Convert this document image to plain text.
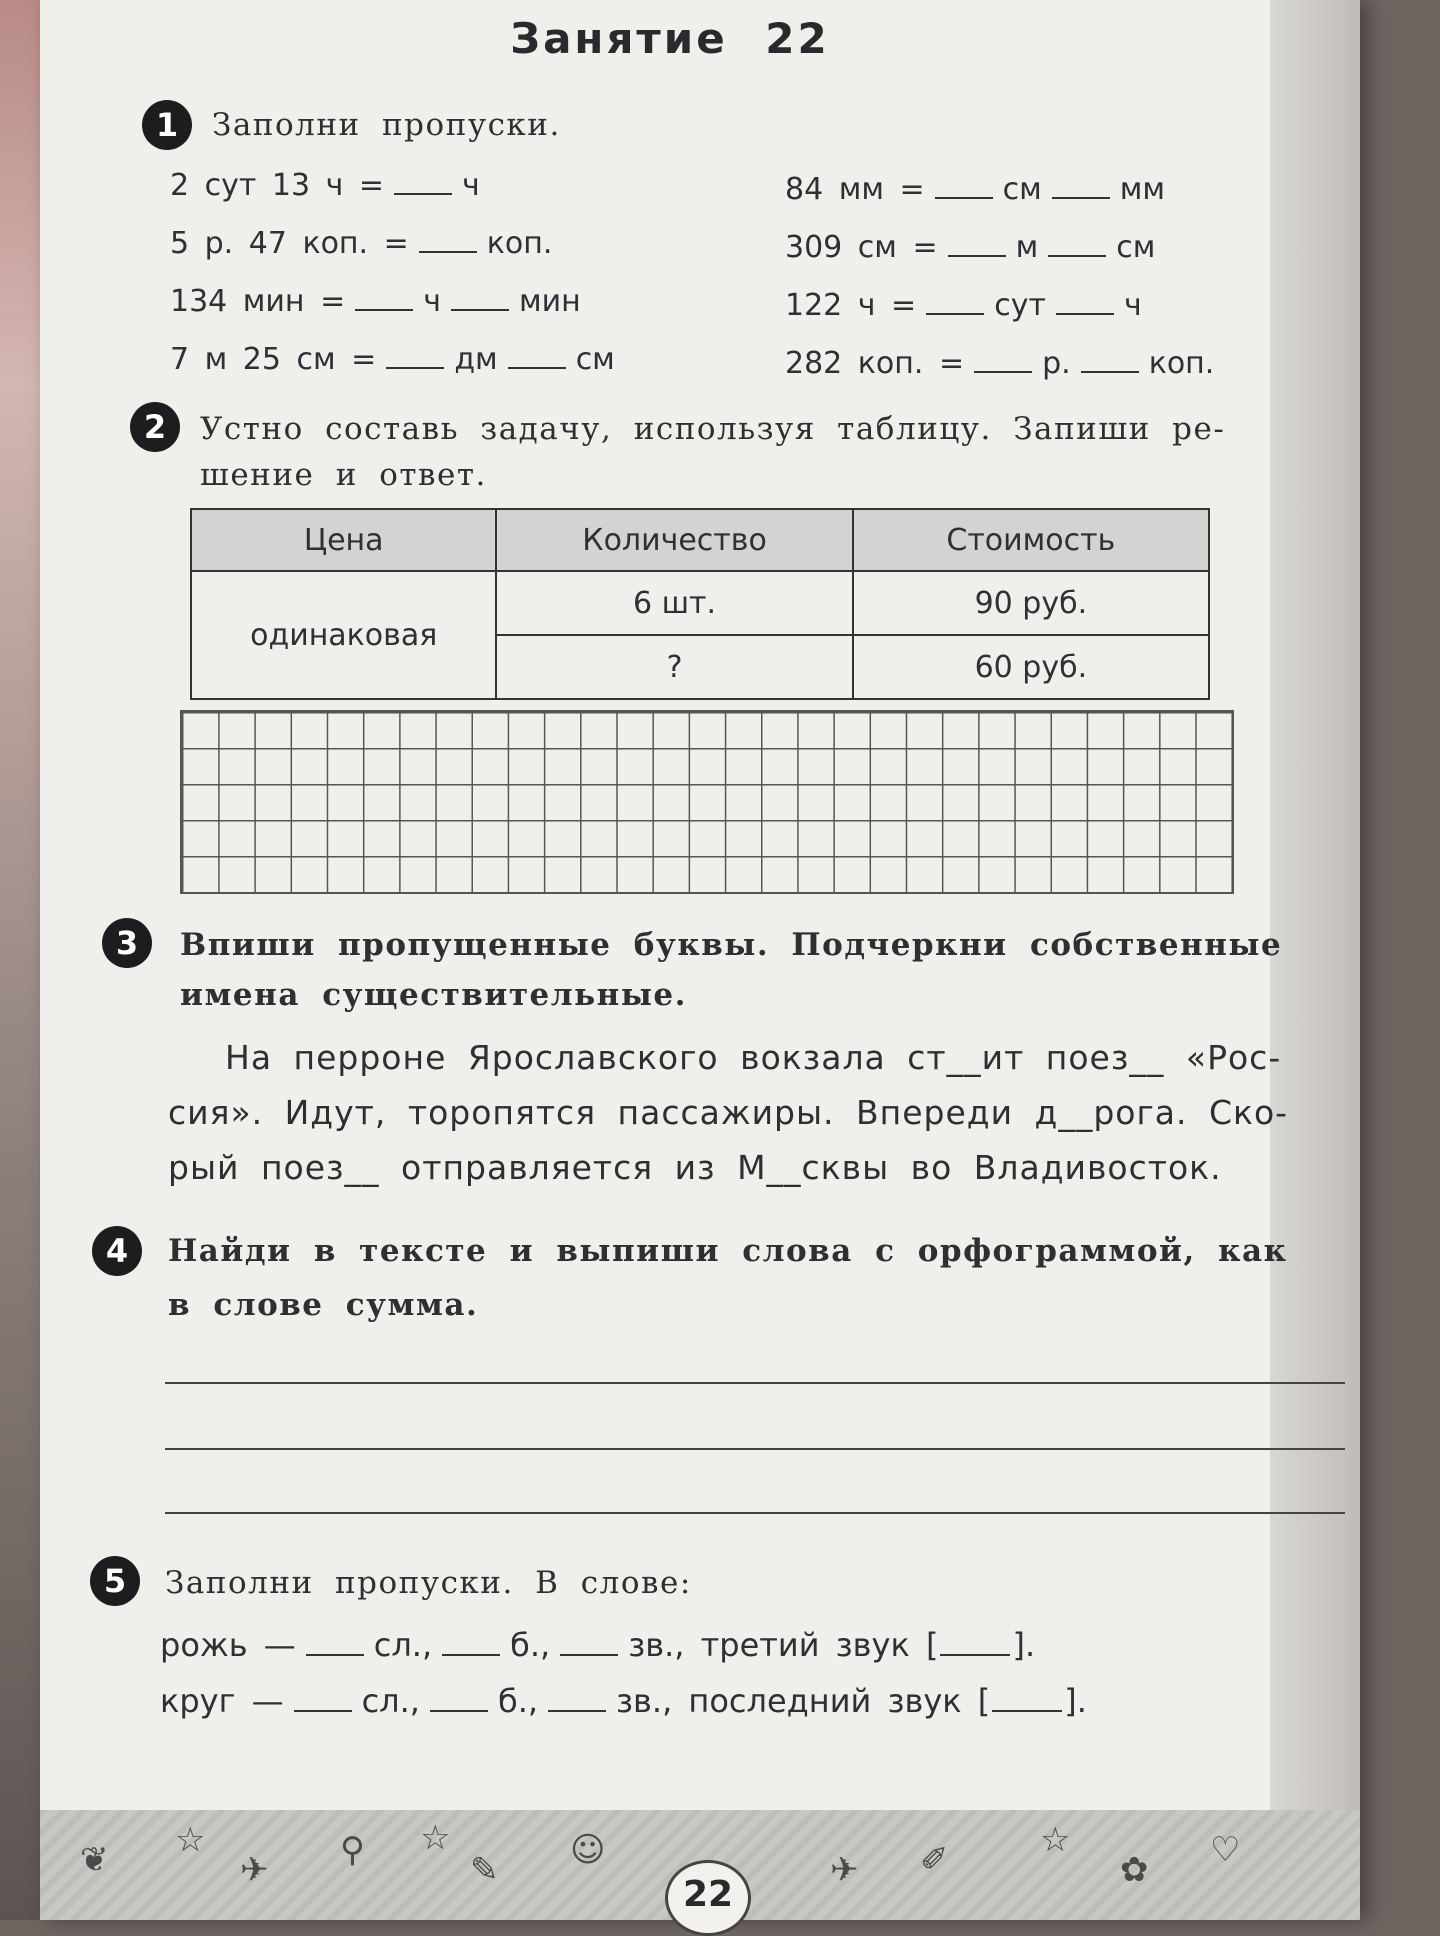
Занятие 22
1	Заполни пропуски.
2 сут 13 ч =	ч
5 р. 47 коп. =	коп.
134 мин =	ч	мин
7 м 25 см =	дм	см
84 мм =	см	мм
309 см =	м	см
122 ч =	сут	ч
282 коп. =	р.	коп.
2	Устно составь задачу, используя таблицу. Запиши ре-
шение и ответ.
Цена	Количество	Стоимость
одинаковая	6 шт.	90 руб.
	?	60 руб.
3	Впиши пропущенные буквы. Подчеркни собственные
имена существительные.
На перроне Ярославского вокзала ст__ит поез__ «Рос-
сия». Идут, торопятся пассажиры. Впереди д__рога. Ско-
рый поез__ отправляется из М__сквы во Владивосток.
4	Найди в тексте и выпиши слова с орфограммой, как
в слове сумма.
5	Заполни пропуски. В слове:
рожь — сл., б., зв., третий звук [ ].
круг — сл., б., зв., последний звук [ ].
❦ ☆
✈ ⚲ ☆
✎ ☺	✈ ✐	☆
✿ ♡
22
